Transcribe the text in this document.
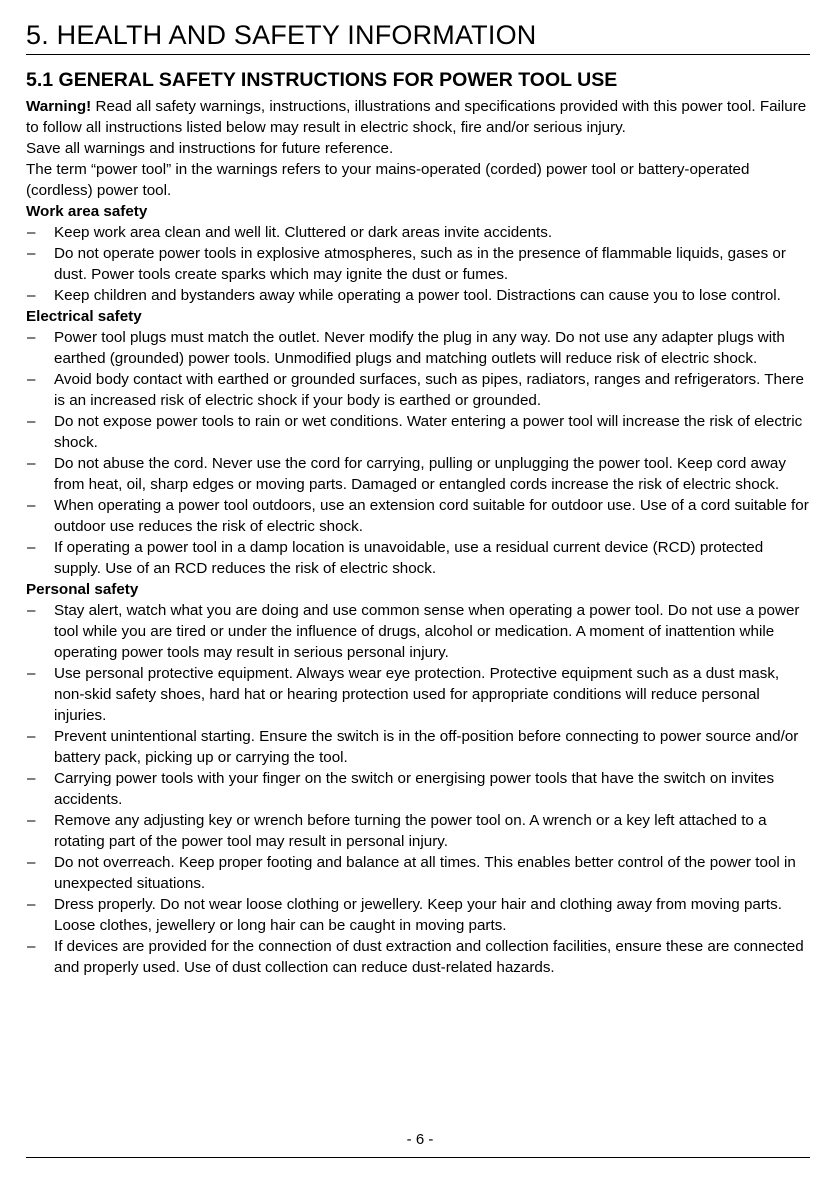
5. HEALTH AND SAFETY INFORMATION
5.1 GENERAL SAFETY INSTRUCTIONS FOR POWER TOOL USE

Warning! Read all safety warnings, instructions, illustrations and specifications provided with this power tool. Failure to follow all instructions listed below may result in electric shock, fire and/or serious injury.

Save all warnings and instructions for future reference.

The term “power tool” in the warnings refers to your mains-operated (corded) power tool or battery-operated (cordless) power tool.

Work area safety
– Keep work area clean and well lit. Cluttered or dark areas invite accidents.
– Do not operate power tools in explosive atmospheres, such as in the presence of flammable liquids, gases or dust. Power tools create sparks which may ignite the dust or fumes.
– Keep children and bystanders away while operating a power tool. Distractions can cause you to lose control.
Electrical safety
– Power tool plugs must match the outlet. Never modify the plug in any way. Do not use any adapter plugs with earthed (grounded) power tools. Unmodified plugs and matching outlets will reduce risk of electric shock.
– Avoid body contact with earthed or grounded surfaces, such as pipes, radiators, ranges and refrigerators. There is an increased risk of electric shock if your body is earthed or grounded.
– Do not expose power tools to rain or wet conditions. Water entering a power tool will increase the risk of electric shock.
– Do not abuse the cord. Never use the cord for carrying, pulling or unplugging the power tool. Keep cord away from heat, oil, sharp edges or moving parts. Damaged or entangled cords increase the risk of electric shock.
– When operating a power tool outdoors, use an extension cord suitable for outdoor use. Use of a cord suitable for outdoor use reduces the risk of electric shock.
– If operating a power tool in a damp location is unavoidable, use a residual current device (RCD) protected supply. Use of an RCD reduces the risk of electric shock.
Personal safety
– Stay alert, watch what you are doing and use common sense when operating a power tool. Do not use a power tool while you are tired or under the influence of drugs, alcohol or medication. A moment of inattention while operating power tools may result in serious personal injury.
– Use personal protective equipment. Always wear eye protection. Protective equipment such as a dust mask, non-skid safety shoes, hard hat or hearing protection used for appropriate conditions will reduce personal injuries.
– Prevent unintentional starting. Ensure the switch is in the off-position before connecting to power source and/or battery pack, picking up or carrying the tool.
– Carrying power tools with your finger on the switch or energising power tools that have the switch on invites accidents.
– Remove any adjusting key or wrench before turning the power tool on. A wrench or a key left attached to a rotating part of the power tool may result in personal injury.
– Do not overreach. Keep proper footing and balance at all times. This enables better control of the power tool in unexpected situations.
– Dress properly. Do not wear loose clothing or jewellery. Keep your hair and clothing away from moving parts. Loose clothes, jewellery or long hair can be caught in moving parts.
– If devices are provided for the connection of dust extraction and collection facilities, ensure these are connected and properly used. Use of dust collection can reduce dust-related hazards.
- 6 -
